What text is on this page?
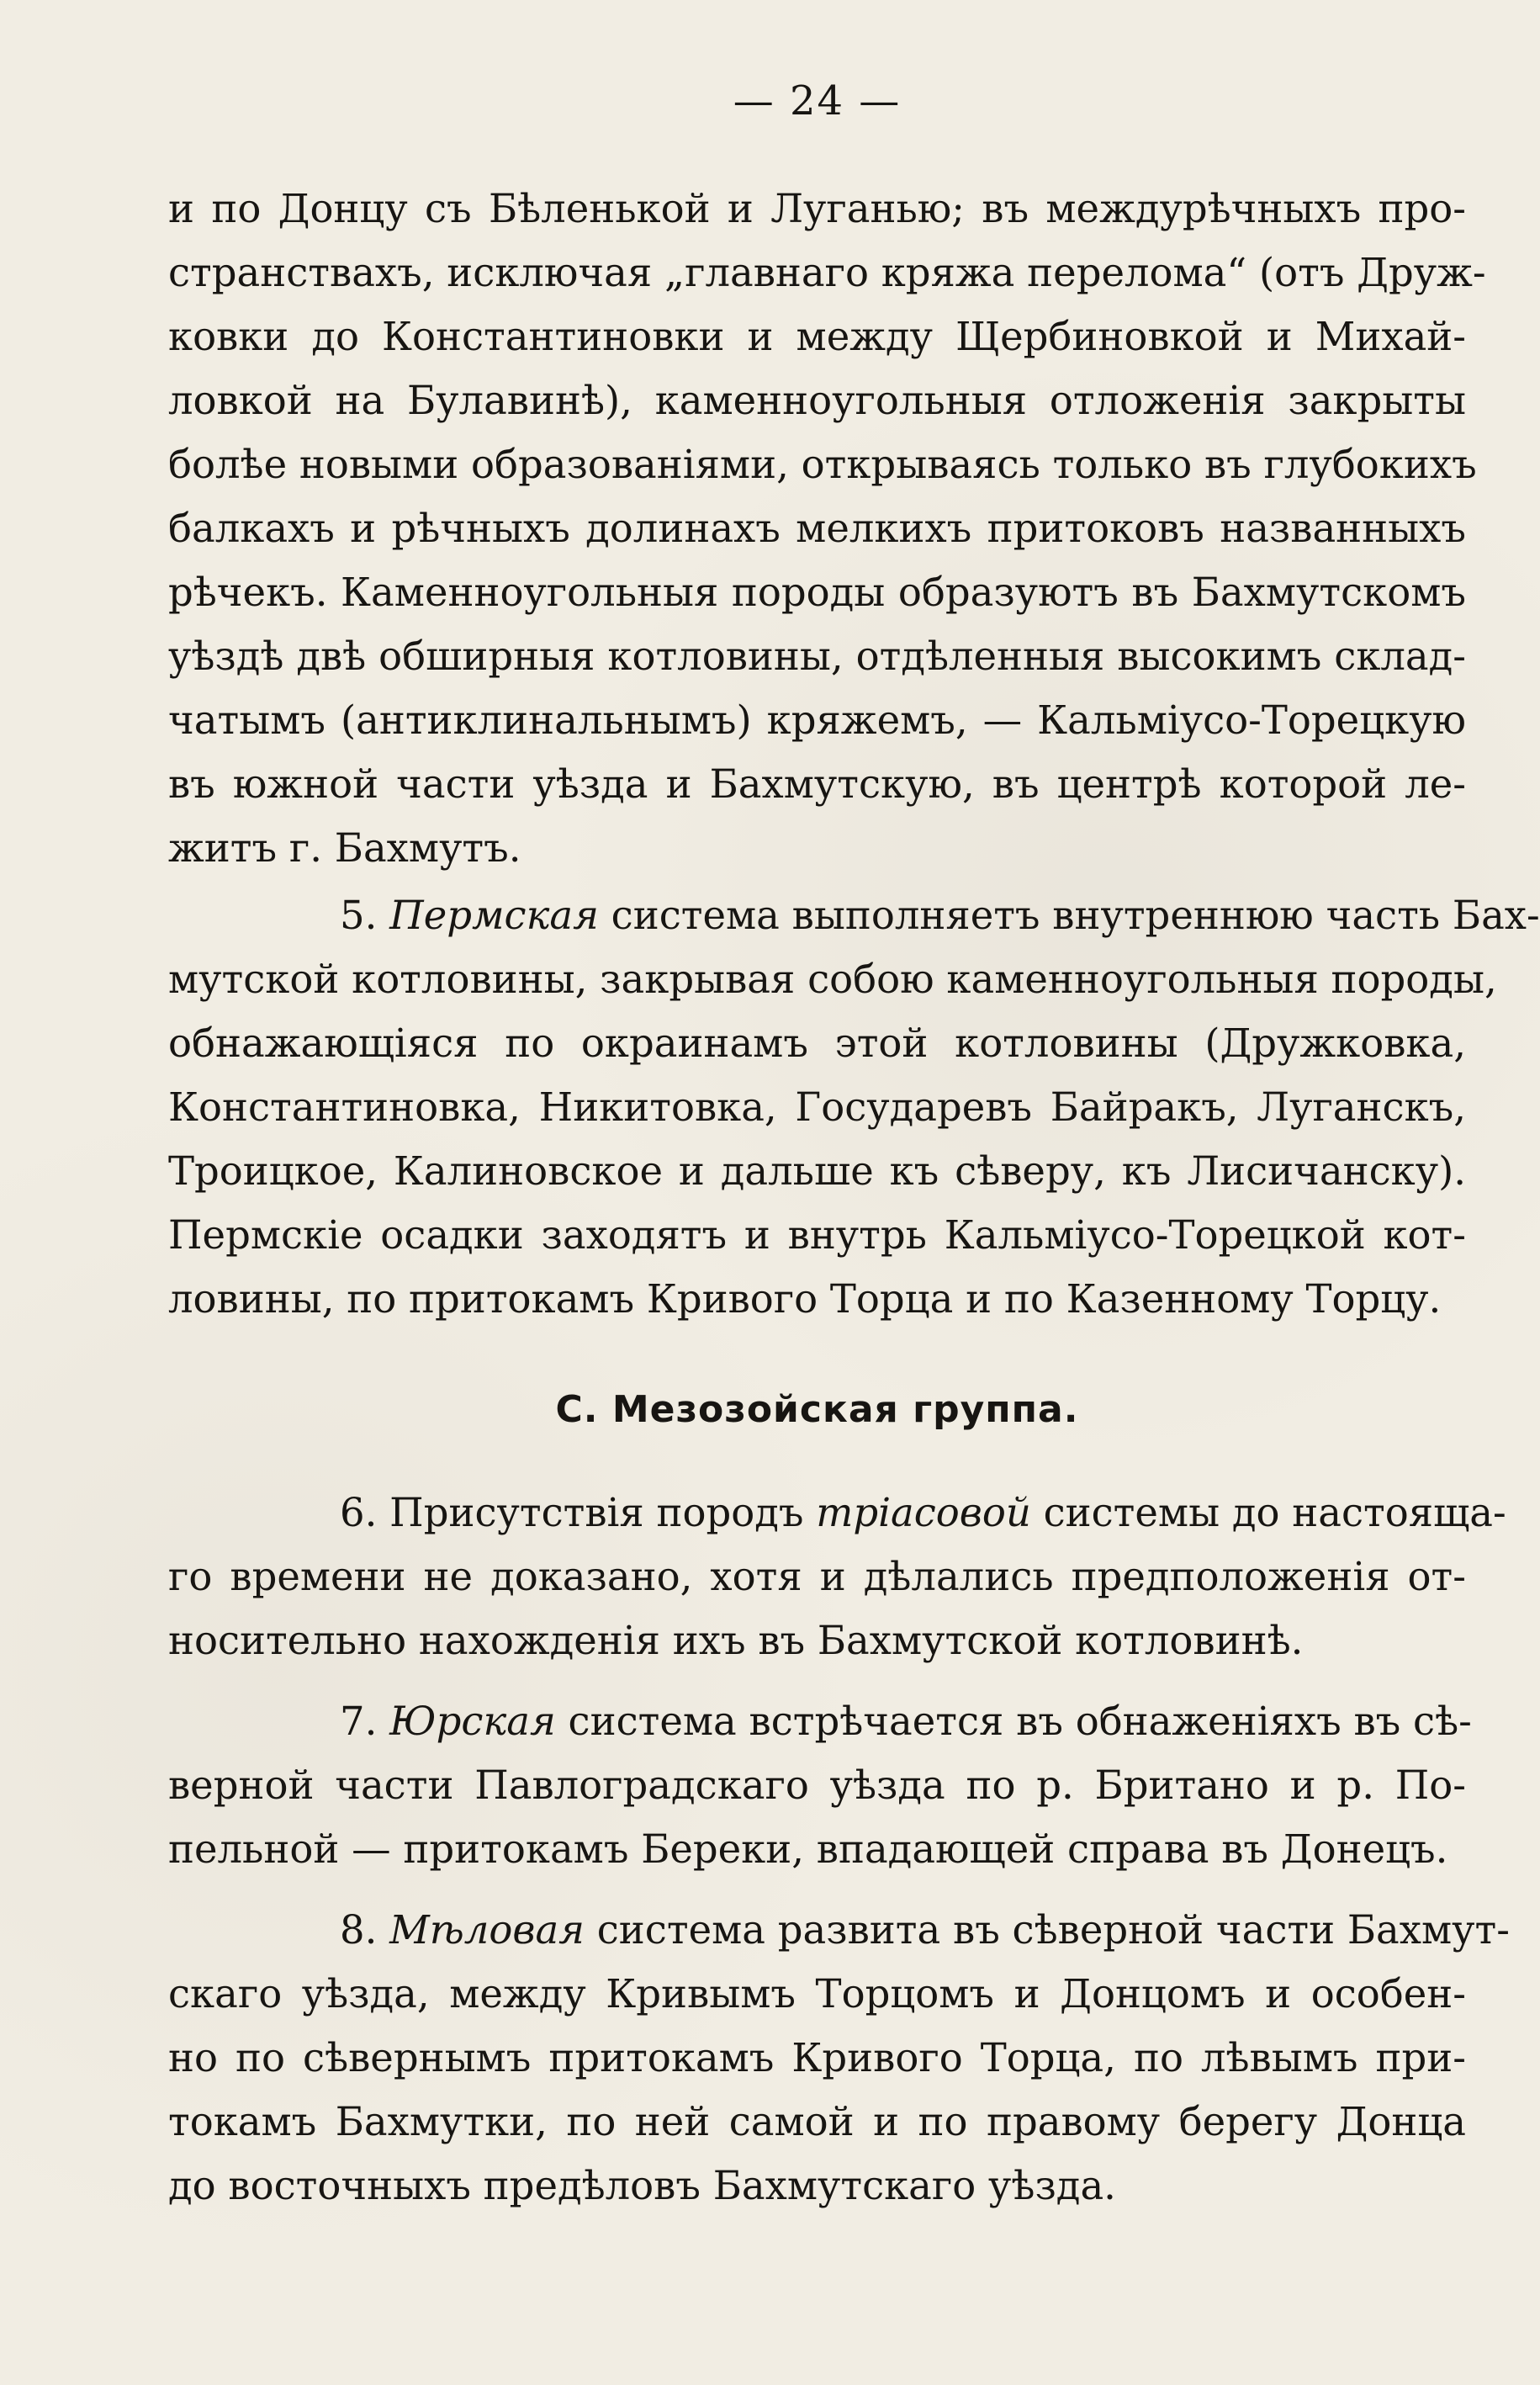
— 24 —

и по Донцу съ Бѣленькой и Луганью; въ междурѣчныхъ про-
странствахъ, исключая „главнаго кряжа перелома“ (отъ Друж-
ковки до Константиновки и между Щербиновкой и Михай-
ловкой на Булавинѣ), каменноугольныя отложенія закрыты
болѣе новыми образованіями, открываясь только въ глубокихъ
балкахъ и рѣчныхъ долинахъ мелкихъ притоковъ названныхъ
рѣчекъ. Каменноугольныя породы образуютъ въ Бахмутскомъ
уѣздѣ двѣ обширныя котловины, отдѣленныя высокимъ склад-
чатымъ (антиклинальнымъ) кряжемъ, — Кальміусо-Торецкую
въ южной части уѣзда и Бахмутскую, въ центрѣ которой ле-
житъ г. Бахмутъ.

5. Пермская система выполняетъ внутреннюю часть Бах-
мутской котловины, закрывая собою каменноугольныя породы,
обнажающіяся по окраинамъ этой котловины (Дружковка,
Константиновка, Никитовка, Государевъ Байракъ, Луганскъ,
Троицкое, Калиновское и дальше къ сѣверу, къ Лисичанску).
Пермскіе осадки заходятъ и внутрь Кальміусо-Торецкой кот-
ловины, по притокамъ Кривого Торца и по Казенному Торцу.

С. Мезозойская группа.

6. Присутствія породъ тріасовой системы до настояща-
го времени не доказано, хотя и дѣлались предположенія от-
носительно нахожденія ихъ въ Бахмутской котловинѣ.

7. Юрская система встрѣчается въ обнаженіяхъ въ сѣ-
верной части Павлоградскаго уѣзда по р. Британо и р. По-
пельной — притокамъ Береки, впадающей справа въ Донецъ.

8. Мѣловая система развита въ сѣверной части Бахмут-
скаго уѣзда, между Кривымъ Торцомъ и Донцомъ и особен-
но по сѣвернымъ притокамъ Кривого Торца, по лѣвымъ при-
токамъ Бахмутки, по ней самой и по правому берегу Донца
до восточныхъ предѣловъ Бахмутскаго уѣзда.
